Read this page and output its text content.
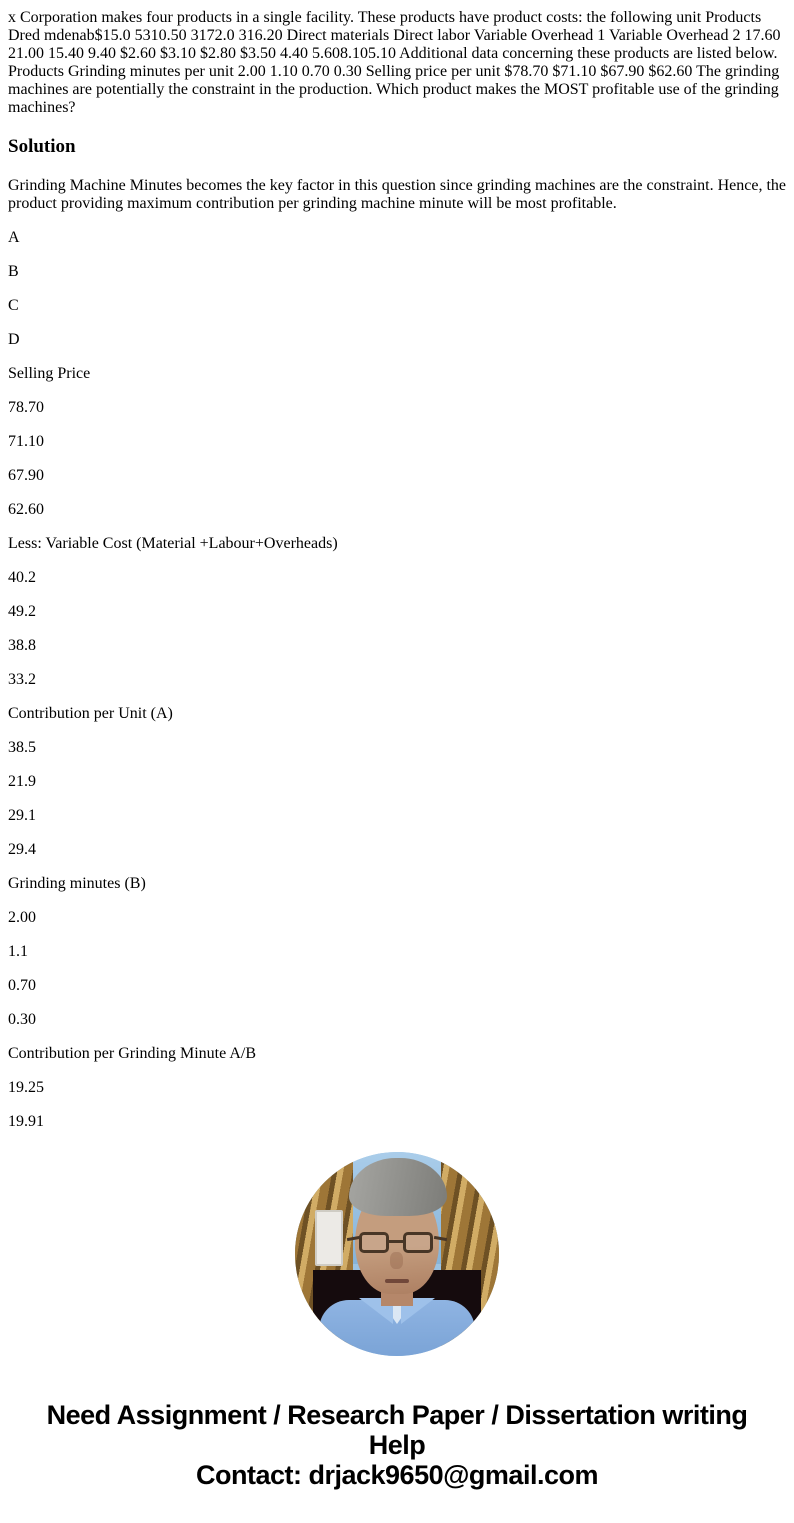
x Corporation makes four products in a single facility. These products have product costs: the following unit Products Dred mdenab$15.0 5310.50 3172.0 316.20 Direct materials Direct labor Variable Overhead 1 Variable Overhead 2 17.60 21.00 15.40 9.40 $2.60 $3.10 $2.80 $3.50 4.40 5.608.105.10 Additional data concerning these products are listed below. Products Grinding minutes per unit 2.00 1.10 0.70 0.30 Selling price per unit $78.70 $71.10 $67.90 $62.60 The grinding machines are potentially the constraint in the production. Which product makes the MOST profitable use of the grinding machines?

Solution

Grinding Machine Minutes becomes the key factor in this question since grinding machines are the constraint. Hence, the product providing maximum contribution per grinding machine minute will be most profitable.

A

B

C

D

Selling Price

78.70

71.10

67.90

62.60

Less: Variable Cost (Material +Labour+Overheads)

40.2

49.2

38.8

33.2

Contribution per Unit (A)

38.5

21.9

29.1

29.4

Grinding minutes (B)

2.00

1.1

0.70

0.30

Contribution per Grinding Minute A/B

19.25

19.91

Need Assignment / Research Paper / Dissertation writing Help
Contact: drjack9650@gmail.com
